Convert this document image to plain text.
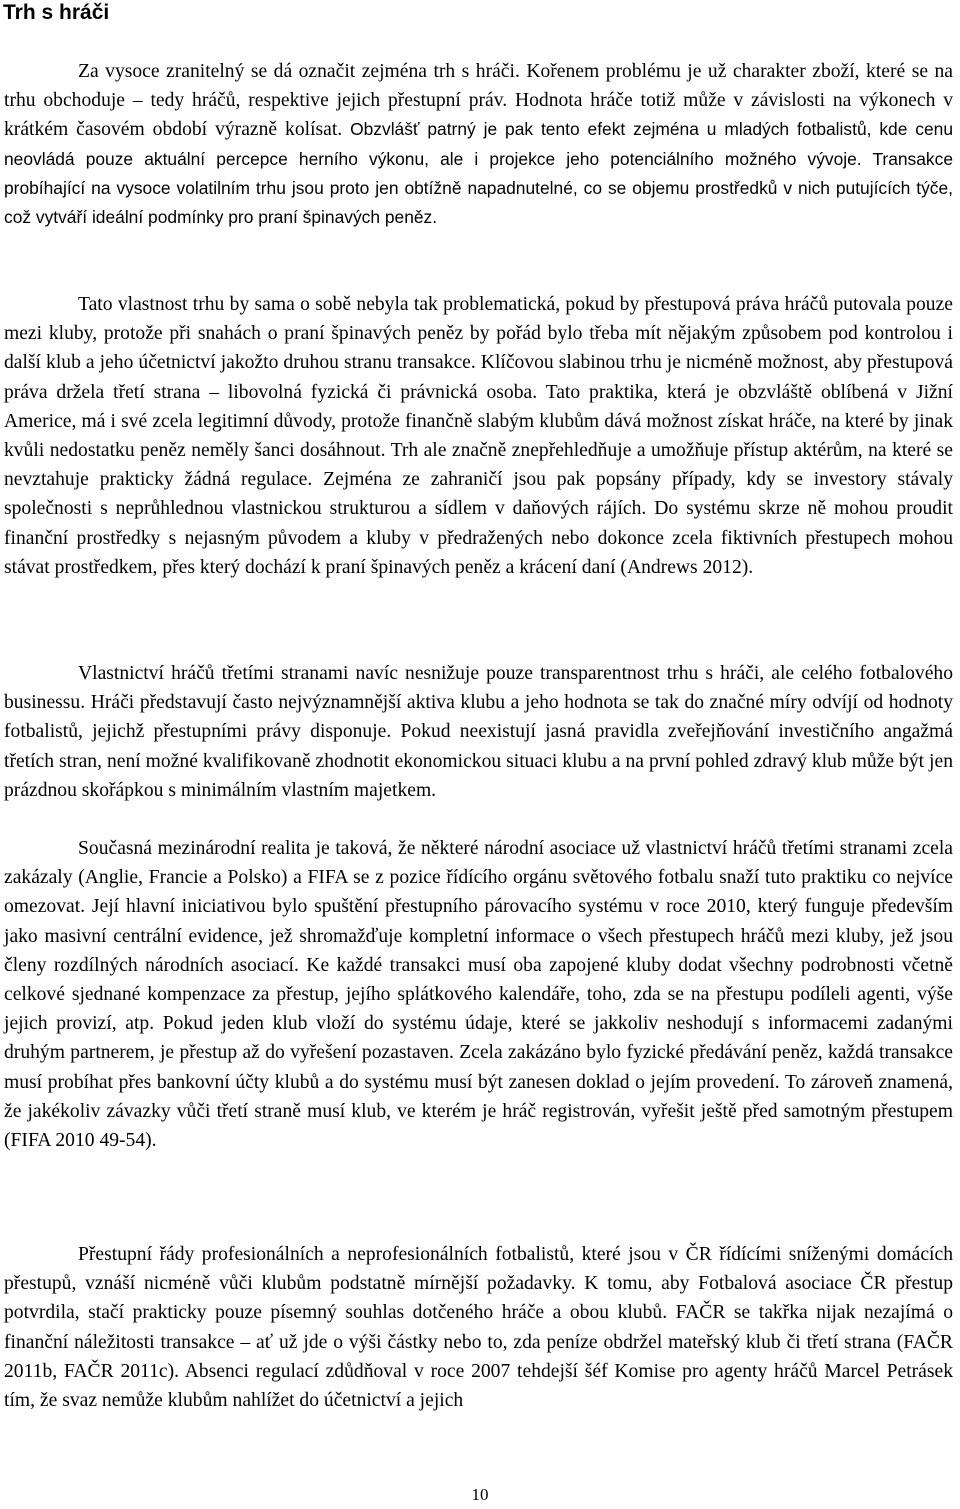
Trh s hráči

Za vysoce zranitelný se dá označit zejména trh s hráči. Kořenem problému je už charakter zboží, které se na trhu obchoduje – tedy hráčů, respektive jejich přestupní práv. Hodnota hráče totiž může v závislosti na výkonech v krátkém časovém období výrazně kolísat. Obzvlášť patrný je pak tento efekt zejména u mladých fotbalistů, kde cenu neovládá pouze aktuální percepce herního výkonu, ale i projekce jeho potenciálního možného vývoje. Transakce probíhající na vysoce volatilním trhu jsou proto jen obtížně napadnutelné, co se objemu prostředků v nich putujících týče, což vytváří ideální podmínky pro praní špinavých peněz.

Tato vlastnost trhu by sama o sobě nebyla tak problematická, pokud by přestupová práva hráčů putovala pouze mezi kluby, protože při snahách o praní špinavých peněz by pořád bylo třeba mít nějakým způsobem pod kontrolou i další klub a jeho účetnictví jakožto druhou stranu transakce. Klíčovou slabinou trhu je nicméně možnost, aby přestupová práva držela třetí strana – libovolná fyzická či právnická osoba. Tato praktika, která je obzvláště oblíbená v Jižní Americe, má i své zcela legitimní důvody, protože finančně slabým klubům dává možnost získat hráče, na které by jinak kvůli nedostatku peněz neměly šanci dosáhnout. Trh ale značně znepřehledňuje a umožňuje přístup aktérům, na které se nevztahuje prakticky žádná regulace. Zejména ze zahraničí jsou pak popsány případy, kdy se investory stávaly společnosti s neprůhlednou vlastnickou strukturou a sídlem v daňových rájích. Do systému skrze ně mohou proudit finanční prostředky s nejasným původem a kluby v předražených nebo dokonce zcela fiktivních přestupech mohou stávat prostředkem, přes který dochází k praní špinavých peněz a krácení daní (Andrews 2012).

Vlastnictví hráčů třetími stranami navíc nesnižuje pouze transparentnost trhu s hráči, ale celého fotbalového businessu. Hráči představují často nejvýznamnější aktiva klubu a jeho hodnota se tak do značné míry odvíjí od hodnoty fotbalistů, jejichž přestupními právy disponuje. Pokud neexistují jasná pravidla zveřejňování investičního angažmá třetích stran, není možné kvalifikovaně zhodnotit ekonomickou situaci klubu a na první pohled zdravý klub může být jen prázdnou skořápkou s minimálním vlastním majetkem.

Současná mezinárodní realita je taková, že některé národní asociace už vlastnictví hráčů třetími stranami zcela zakázaly (Anglie, Francie a Polsko) a FIFA se z pozice řídícího orgánu světového fotbalu snaží tuto praktiku co nejvíce omezovat. Její hlavní iniciativou bylo spuštění přestupního párovacího systému v roce 2010, který funguje především jako masivní centrální evidence, jež shromažďuje kompletní informace o všech přestupech hráčů mezi kluby, jež jsou členy rozdílných národních asociací. Ke každé transakci musí oba zapojené kluby dodat všechny podrobnosti včetně celkové sjednané kompenzace za přestup, jejího splátkového kalendáře, toho, zda se na přestupu podíleli agenti, výše jejich provizí, atp. Pokud jeden klub vloží do systému údaje, které se jakkoliv neshodují s informacemi zadanými druhým partnerem, je přestup až do vyřešení pozastaven. Zcela zakázáno bylo fyzické předávání peněz, každá transakce musí probíhat přes bankovní účty klubů a do systému musí být zanesen doklad o jejím provedení. To zároveň znamená, že jakékoliv závazky vůči třetí straně musí klub, ve kterém je hráč registrován, vyřešit ještě před samotným přestupem (FIFA 2010 49-54).

Přestupní řády profesionálních a neprofesionálních fotbalistů, které jsou v ČR řídícími sníženými domácích přestupů, vznáší nicméně vůči klubům podstatně mírnější požadavky. K tomu, aby Fotbalová asociace ČR přestup potvrdila, stačí prakticky pouze písemný souhlas dotčeného hráče a obou klubů. FAČR se takřka nijak nezajímá o finanční náležitosti transakce – ať už jde o výši částky nebo to, zda peníze obdržel mateřský klub či třetí strana (FAČR 2011b, FAČR 2011c). Absenci regulací zdůdňoval v roce 2007 tehdejší šéf Komise pro agenty hráčů Marcel Petrásek tím, že svaz nemůže klubům nahlížet do účetnictví a jejich

10
